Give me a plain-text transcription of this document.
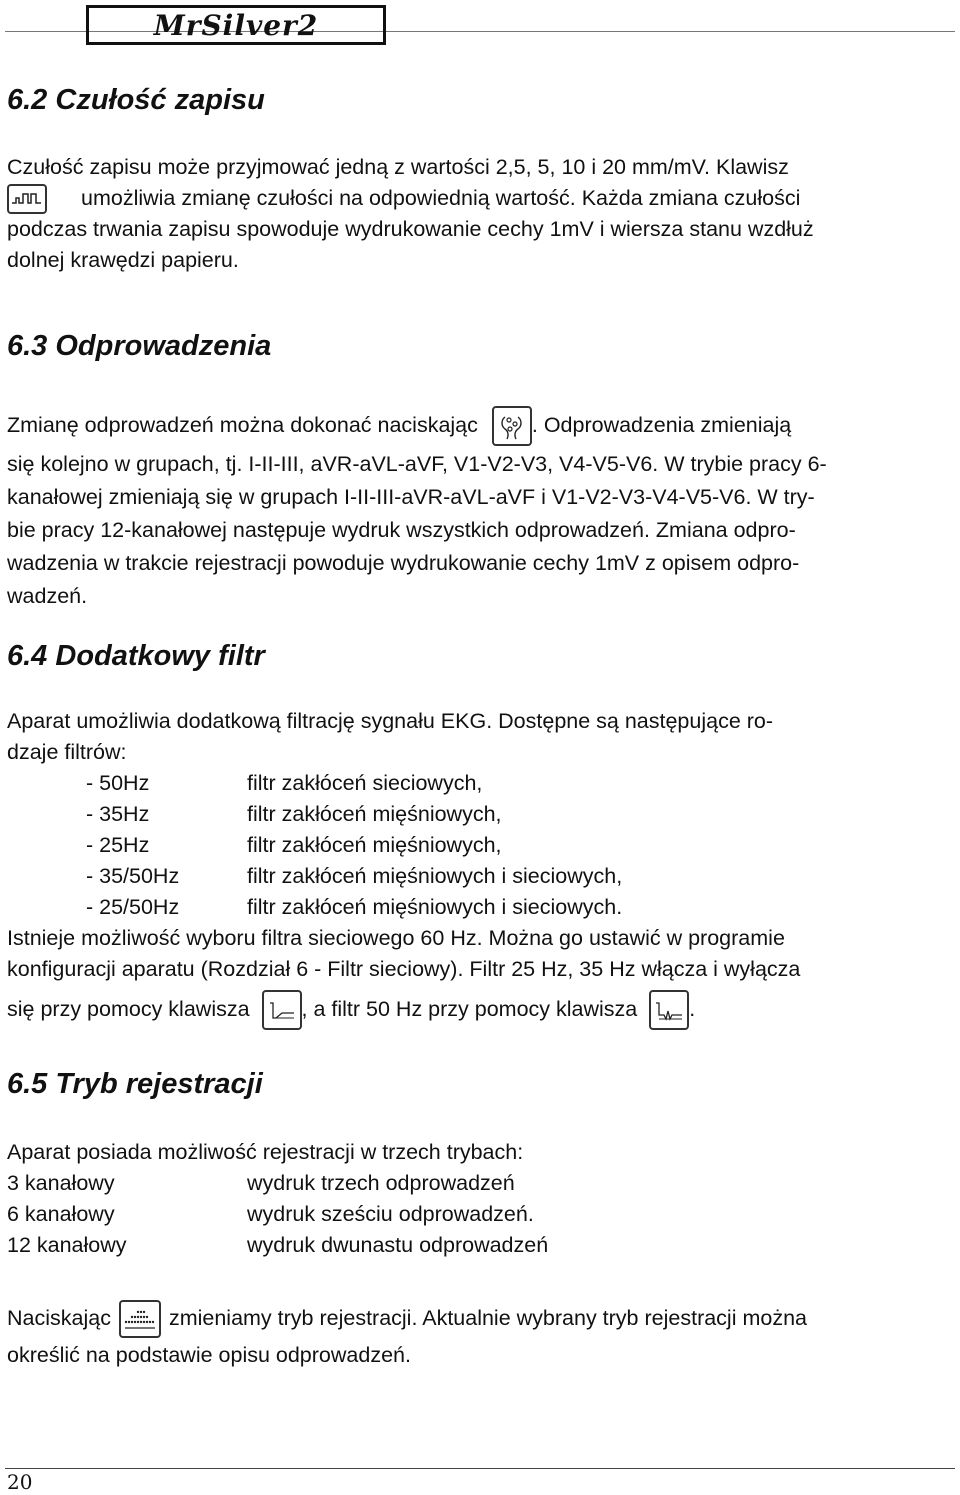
MrSilver2
6.2 Czułość zapisu
Czułość zapisu może przyjmować jedną z wartości 2,5, 5, 10 i 20 mm/mV. Klawisz
umożliwia zmianę czułości na odpowiednią wartość. Każda zmiana czułości
podczas trwania zapisu spowoduje wydrukowanie cechy 1mV i wiersza stanu wzdłuż
dolnej krawędzi papieru.
6.3 Odprowadzenia
Zmianę odprowadzeń można dokonać naciskając	. Odprowadzenia zmieniają
się kolejno w grupach, tj. I-II-III, aVR-aVL-aVF, V1-V2-V3, V4-V5-V6. W trybie pracy 6-
kanałowej zmieniają się w grupach I-II-III-aVR-aVL-aVF i V1-V2-V3-V4-V5-V6. W try-
bie pracy 12-kanałowej następuje wydruk wszystkich odprowadzeń. Zmiana odpro-
wadzenia w trakcie rejestracji powoduje wydrukowanie cechy 1mV z opisem odpro-
wadzeń.
6.4 Dodatkowy filtr
Aparat umożliwia dodatkową filtrację sygnału EKG. Dostępne są następujące ro-
dzaje filtrów:
- 50Hz	filtr zakłóceń sieciowych,
- 35Hz	filtr zakłóceń mięśniowych,
- 25Hz	filtr zakłóceń mięśniowych,
- 35/50Hz	filtr zakłóceń mięśniowych i sieciowych,
- 25/50Hz	filtr zakłóceń mięśniowych i sieciowych.
Istnieje możliwość wyboru filtra sieciowego 60 Hz. Można go ustawić w programie
konfiguracji aparatu (Rozdział 6 - Filtr sieciowy). Filtr 25 Hz, 35 Hz włącza i wyłącza
się przy pomocy klawisza , a filtr 50 Hz przy pomocy klawisza .
6.5 Tryb rejestracji
Aparat posiada możliwość rejestracji w trzech trybach:
3 kanałowy	wydruk trzech odprowadzeń
6 kanałowy	wydruk sześciu odprowadzeń.
12 kanałowy	wydruk dwunastu odprowadzeń
Naciskając	zmieniamy tryb rejestracji. Aktualnie wybrany tryb rejestracji można
określić na podstawie opisu odprowadzeń.
20
